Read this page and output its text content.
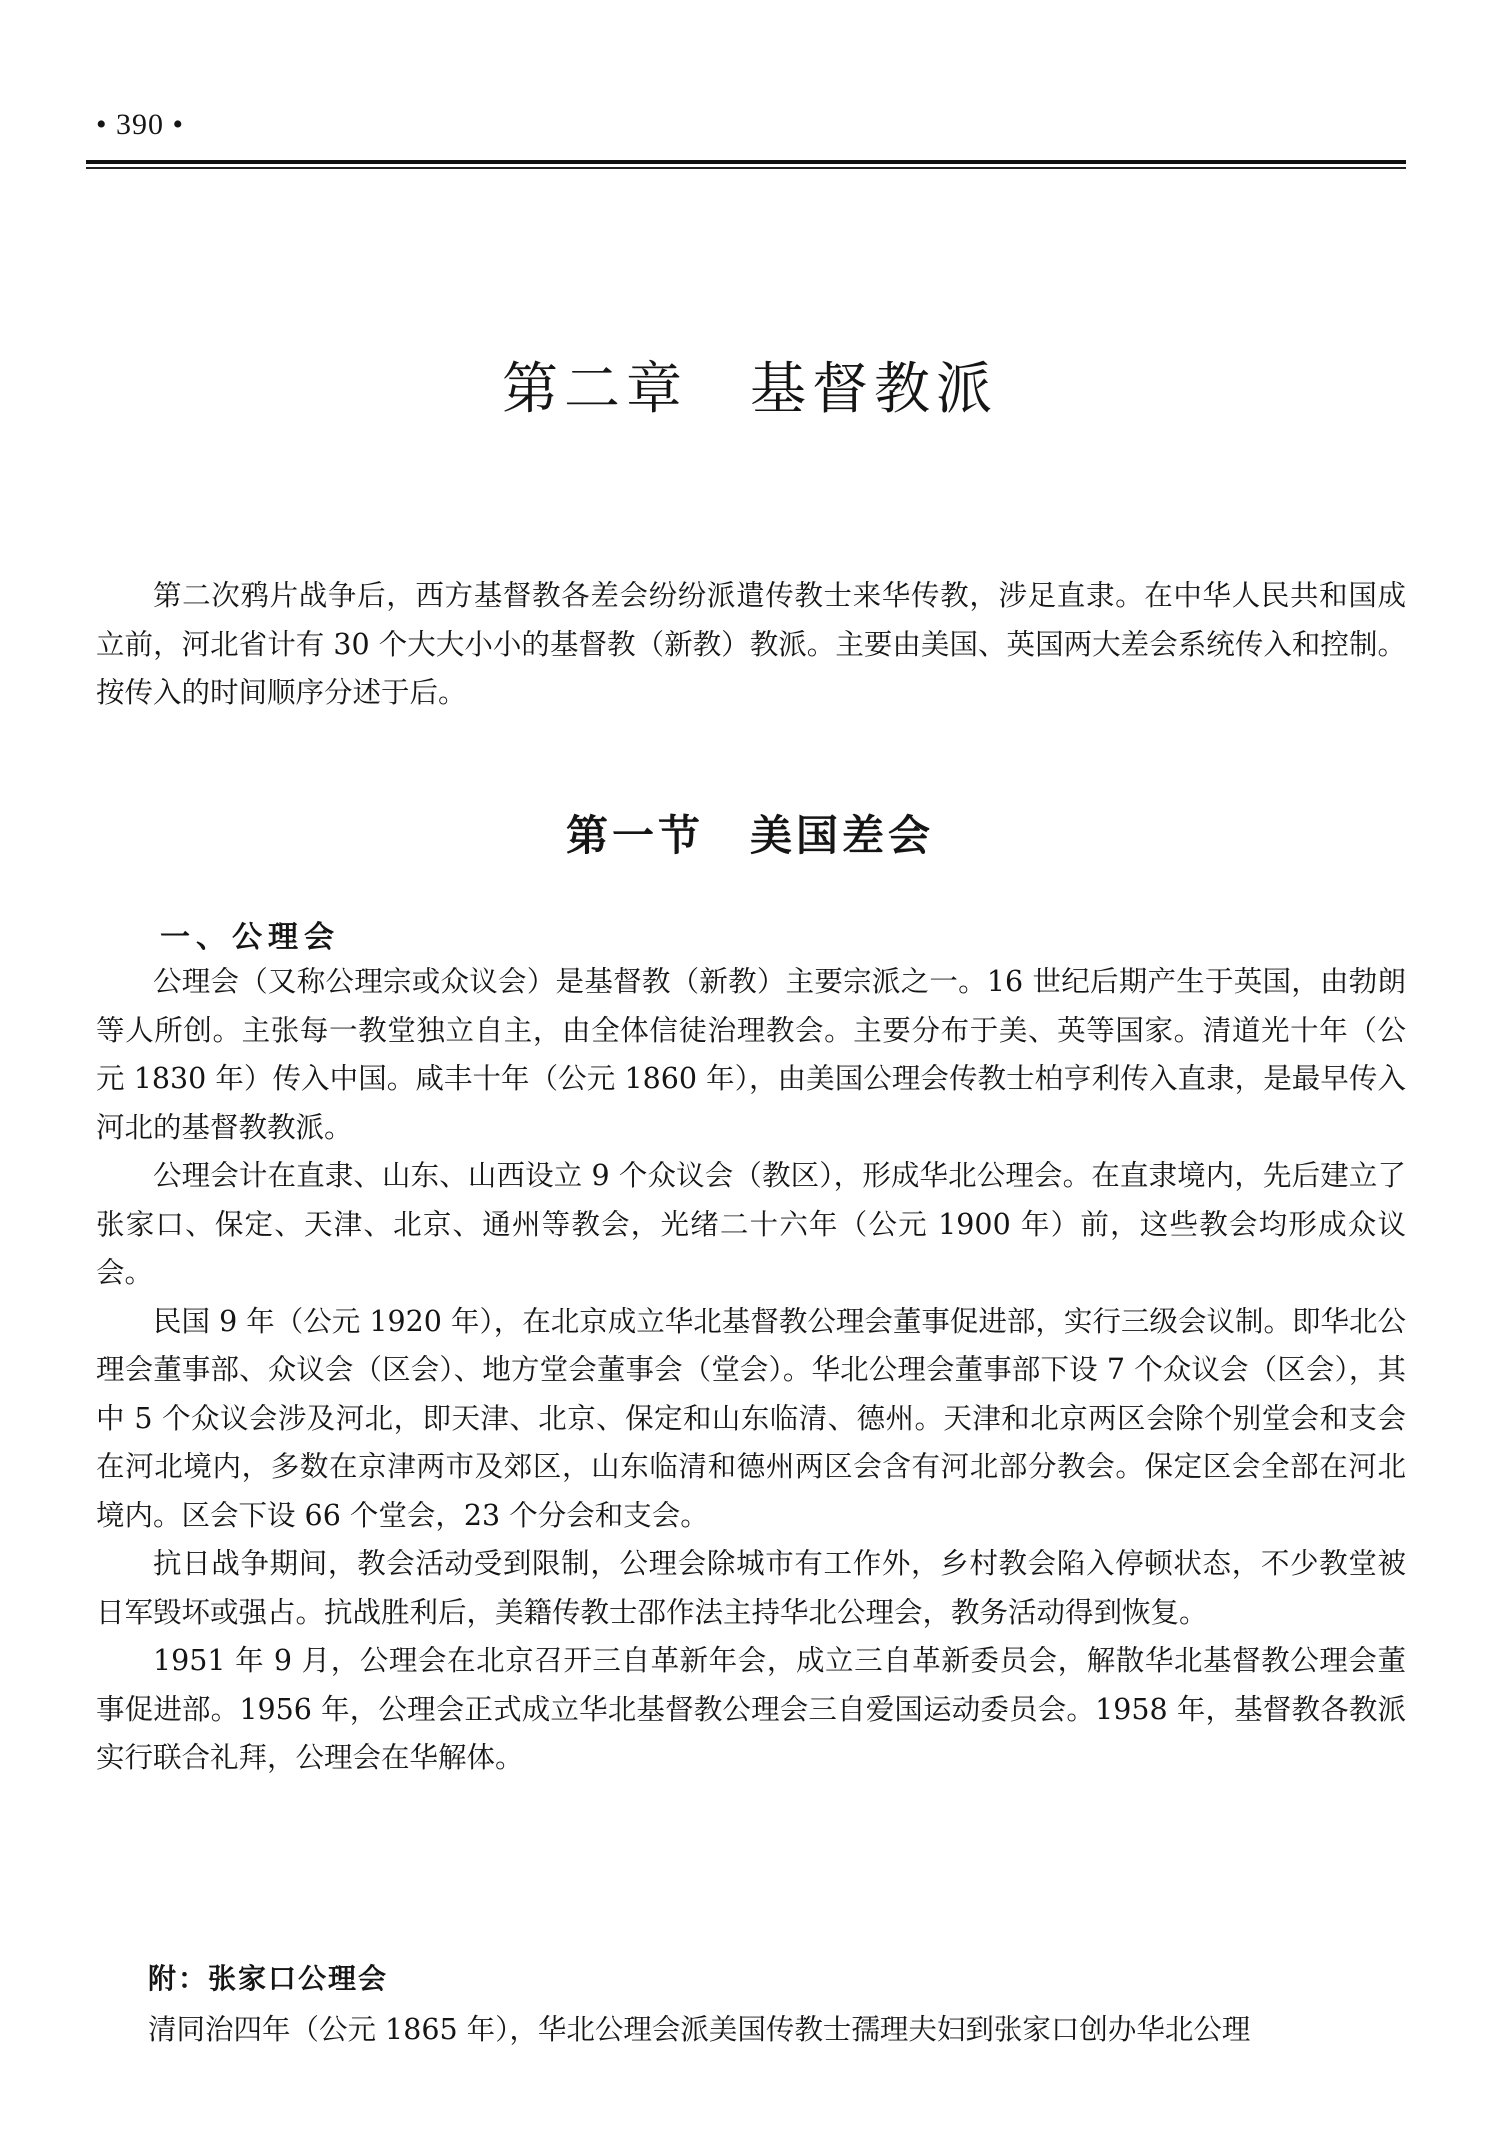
• 390 •
第二章　基督教派

第二次鸦片战争后，西方基督教各差会纷纷派遣传教士来华传教，涉足直隶。在中华人民共和国成立前，河北省计有 30 个大大小小的基督教（新教）教派。主要由美国、英国两大差会系统传入和控制。按传入的时间顺序分述于后。

第一节　美国差会
一、公理会

公理会（又称公理宗或众议会）是基督教（新教）主要宗派之一。16 世纪后期产生于英国，由勃朗等人所创。主张每一教堂独立自主，由全体信徒治理教会。主要分布于美、英等国家。清道光十年（公元 1830 年）传入中国。咸丰十年（公元 1860 年），由美国公理会传教士柏亨利传入直隶，是最早传入河北的基督教教派。

公理会计在直隶、山东、山西设立 9 个众议会（教区），形成华北公理会。在直隶境内，先后建立了张家口、保定、天津、北京、通州等教会，光绪二十六年（公元 1900 年）前，这些教会均形成众议会。

民国 9 年（公元 1920 年），在北京成立华北基督教公理会董事促进部，实行三级会议制。即华北公理会董事部、众议会（区会）、地方堂会董事会（堂会）。华北公理会董事部下设 7 个众议会（区会），其中 5 个众议会涉及河北，即天津、北京、保定和山东临清、德州。天津和北京两区会除个别堂会和支会在河北境内，多数在京津两市及郊区，山东临清和德州两区会含有河北部分教会。保定区会全部在河北境内。区会下设 66 个堂会，23 个分会和支会。

抗日战争期间，教会活动受到限制，公理会除城市有工作外，乡村教会陷入停顿状态，不少教堂被日军毁坏或强占。抗战胜利后，美籍传教士邵作法主持华北公理会，教务活动得到恢复。

1951 年 9 月，公理会在北京召开三自革新年会，成立三自革新委员会，解散华北基督教公理会董事促进部。1956 年，公理会正式成立华北基督教公理会三自爱国运动委员会。1958 年，基督教各教派实行联合礼拜，公理会在华解体。

附：张家口公理会

清同治四年（公元 1865 年），华北公理会派美国传教士孺理夫妇到张家口创办华北公理
